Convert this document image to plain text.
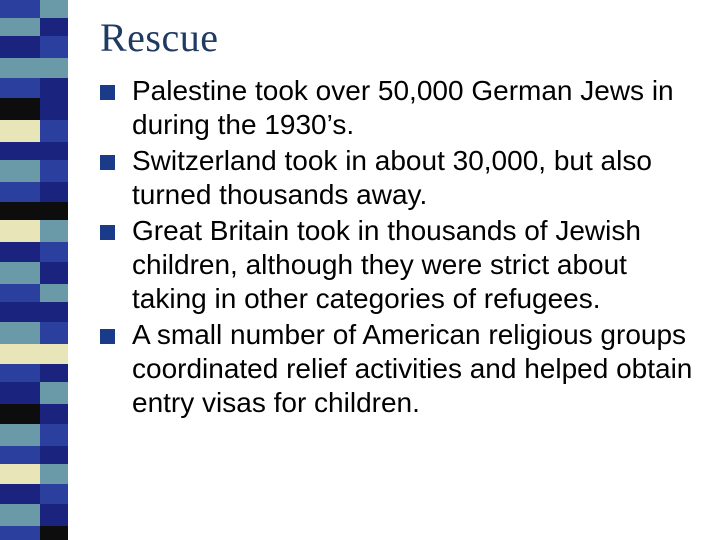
Rescue
Palestine took over 50,000 German Jews in during the 1930’s.
Switzerland took in about 30,000, but also turned thousands away.
Great Britain took in thousands of Jewish children, although they were strict about taking in other categories of refugees.
A small number of American religious groups coordinated relief activities and helped obtain entry visas for children.
